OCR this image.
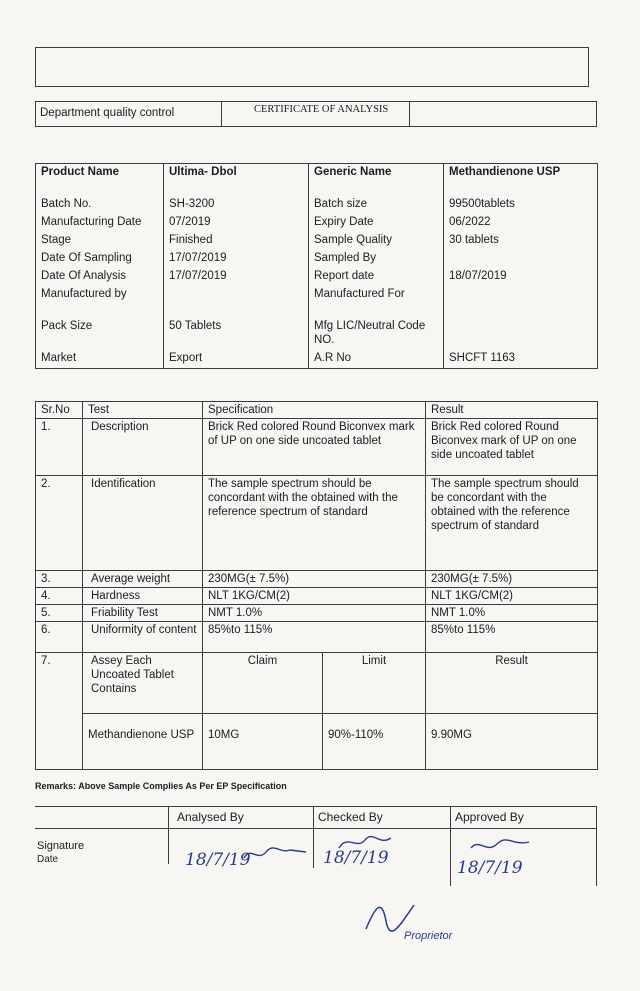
Department quality control	CERTIFICATE OF ANALYSIS
Product Name	Ultima- Dbol	Generic Name	Methandienone USP
Batch No.	SH-3200	Batch size	99500tablets
Manufacturing Date	07/2019	Expiry Date	06/2022
Stage	Finished	Sample Quality	30 tablets
Date Of Sampling	17/07/2019	Sampled By	
Date Of Analysis	17/07/2019	Report date	18/07/2019
Manufactured by		Manufactured For	
Pack Size	50 Tablets	Mfg LIC/Neutral Code NO.	
Market	Export	A.R No	SHCFT 1163
Sr.No	Test	Specification		Result
1.	Description	Brick Red colored Round Biconvex mark of UP on one side uncoated tablet		Brick Red colored Round Biconvex mark of UP on one side uncoated tablet
2.	Identification	The sample spectrum should be concordant with the obtained with the reference spectrum of standard		The sample spectrum should be concordant with the obtained with the reference spectrum of standard
3.	Average weight	230MG(± 7.5%)		230MG(± 7.5%)
4.	Hardness	NLT 1KG/CM(2)		NLT 1KG/CM(2)
5.	Friability Test	NMT 1.0%		NMT 1.0%
6.	Uniformity of content	85%to 115%		85%to 115%
7.	Assey Each Uncoated Tablet Contains	Claim	Limit	Result
	Methandienone USP	10MG	90%-110%	9.90MG
Remarks: Above Sample Complies As Per EP Specification
Analysed By	Checked By	Approved By
Signature
Date	18/7/19	18/7/19	18/7/19
Proprietor
